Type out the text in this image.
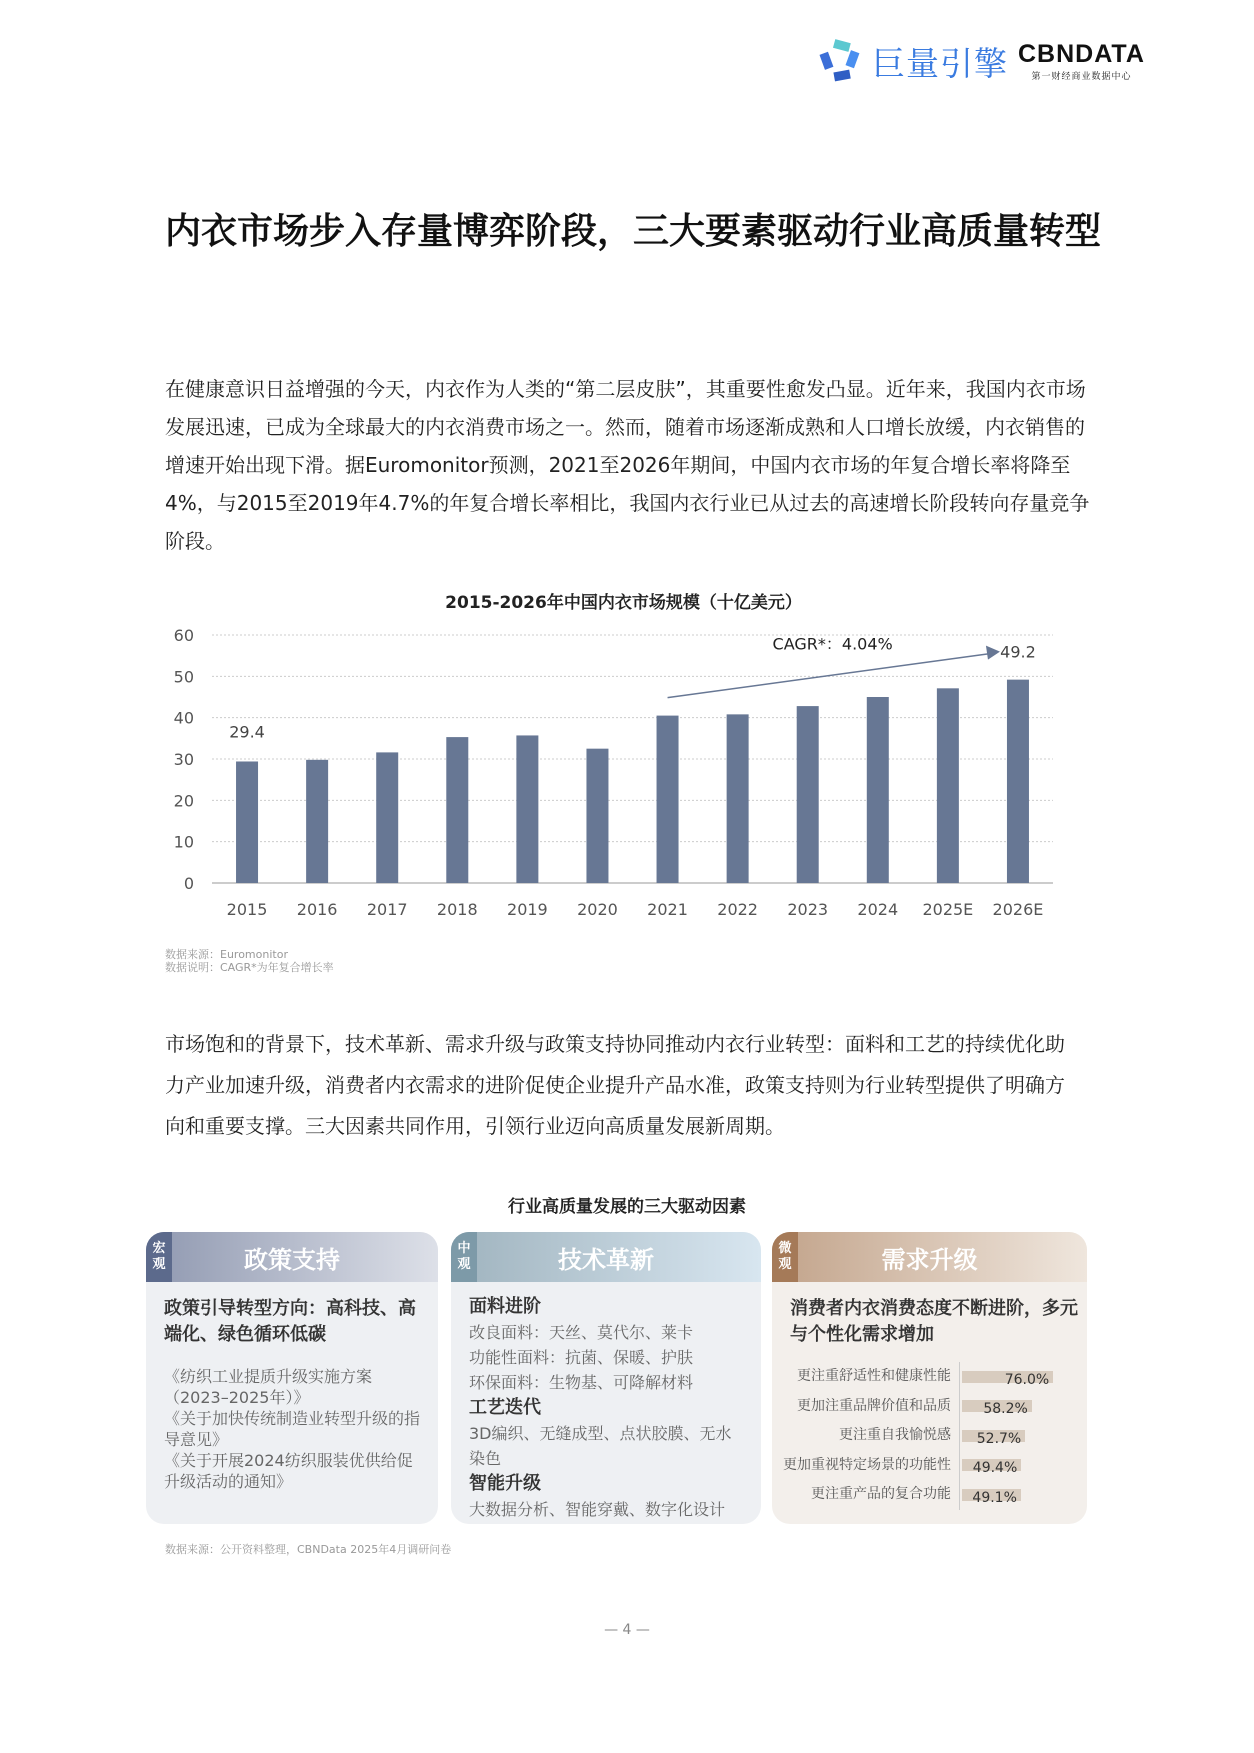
巨量引擎 CBNDATA
第一财经商业数据中心
内衣市场步入存量博弈阶段，三大要素驱动行业高质量转型

在健康意识日益增强的今天，内衣作为人类的“第二层皮肤”，其重要性愈发凸显。近年来，我国内衣市场发展迅速，已成为全球最大的内衣消费市场之一。然而，随着市场逐渐成熟和人口增长放缓，内衣销售的增速开始出现下滑。据Euromonitor预测，2021至2026年期间，中国内衣市场的年复合增长率将降至4%，与2015至2019年4.7%的年复合增长率相比，我国内衣行业已从过去的高速增长阶段转向存量竞争阶段。

2015-2026年中国内衣市场规模（十亿美元）
0
10
20
30
40
50
60
2015 2016 2017 2018 2019 2020 2021 2022 2023 2024 2025E 2026E
29.4
49.2
CAGR*：4.04%
数据来源：Euromonitor
数据说明：CAGR*为年复合增长率

市场饱和的背景下，技术革新、需求升级与政策支持协同推动内衣行业转型：面料和工艺的持续优化助力产业加速升级，消费者内衣需求的进阶促使企业提升产品水准，政策支持则为行业转型提供了明确方向和重要支撑。三大因素共同作用，引领行业迈向高质量发展新周期。

行业高质量发展的三大驱动因素
宏
观	政策支持
政策引导转型方向：高科技、高端化、绿色循环低碳
《纺织工业提质升级实施方案（2023–2025年）》
《关于加快传统制造业转型升级的指导意见》
《关于开展2024纺织服装优供给促升级活动的通知》
中
观	技术革新
面料进阶
改良面料：天丝、莫代尔、莱卡
功能性面料：抗菌、保暖、护肤
环保面料：生物基、可降解材料
工艺迭代
3D编织、无缝成型、点状胶膜、无水染色
智能升级
大数据分析、智能穿戴、数字化设计
微
观	需求升级
消费者内衣消费态度不断进阶，多元与个性化需求增加
更注重舒适性和健康性能	76.0%
更加注重品牌价值和品质	58.2%
更注重自我愉悦感	52.7%
更加重视特定场景的功能性	49.4%
更注重产品的复合功能	49.1%
数据来源：公开资料整理，CBNData 2025年4月调研问卷
— 4 —
